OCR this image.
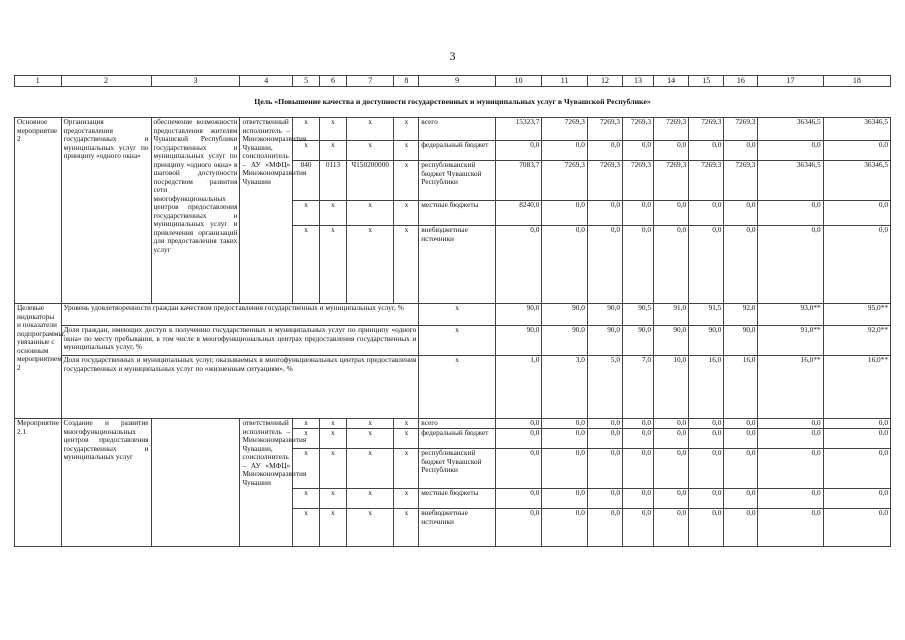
3
1	2	3	4	5	6	7	8	9	10	11	12	13	14	15	16	17	18
Цель «Повышение качества и доступности государственных и муниципальных услуг в Чувашской Республике»																	
Основное мероприятие 2	Организация предоставления государственных и муниципальных услуг по принципу «одного окна»	обеспечение возможности предоставления жителям Чувашской Республики государственных и муниципальных услуг по принципу «одного окна» в шаговой доступности посредством развития сети многофункциональных центров предоставления государственных и муниципальных услуг и привлечения организаций для предоставления таких услуг	ответственный исполнитель – Минэкономразвития Чувашии, соисполнитель – АУ «МФЦ» Минэкономразвития Чувашии	x	x	x	x	всего	15323,7	7269,3	7269,3	7269,3	7269,3	7269,3	7269,3	36346,5	36346,5
				x	x	x	x	федеральный бюджет	0,0	0,0	0,0	0,0	0,0	0,0	0,0	0,0	0,0
				840	0113	Ч150200000	x	республиканский бюджет Чувашской Республики	7083,7	7269,3	7269,3	7269,3	7269,3	7269,3	7269,3	36346,5	36346,5
				x	x	x	x	местные бюджеты	8240,0	0,0	0,0	0,0	0,0	0,0	0,0	0,0	0,0
				x	x	x	x	внебюджетные источники	0,0	0,0	0,0	0,0	0,0	0,0	0,0	0,0	0,0
Целевые индикаторы и показатели подпрограммы, увязанные с основным мероприятием 2	Уровень удовлетворенности граждан качеством предоставления государственных и муниципальных услуг, %							x	90,0	90,0	90,0	90,5	91,0	91,5	92,0	93,0**	95,0**
	Доля граждан, имеющих доступ к получению государственных и муниципальных услуг по принципу «одного окна» по месту пребывания, в том числе в многофункциональных центрах предоставления государственных и муниципальных услуг, %							x	90,0	90,0	90,0	90,0	90,0	90,0	90,0	91,0**	92,0**
	Доля государственных и муниципальных услуг, оказываемых в многофункциональных центрах предоставления государственных и муниципальных услуг по «жизненным ситуациям», %							x	1,0	3,0	5,0	7,0	10,0	16,0	16,0	16,0**	16,0**
Мероприятие 2.1	Создание и развитие многофункциональных центров предоставления государственных и муниципальных услуг		ответственный исполнитель – Минэкономразвития Чувашии, соисполнитель – АУ «МФЦ» Минэкономразвития Чувашии	x	x	x	x	всего	0,0	0,0	0,0	0,0	0,0	0,0	0,0	0,0	0,0
				x	x	x	x	федеральный бюджет	0,0	0,0	0,0	0,0	0,0	0,0	0,0	0,0	0,0
				x	x	x	x	республиканский бюджет Чувашской Республики	0,0	0,0	0,0	0,0	0,0	0,0	0,0	0,0	0,0
				x	x	x	x	местные бюджеты	0,0	0,0	0,0	0,0	0,0	0,0	0,0	0,0	0,0
				x	x	x	x	внебюджетные источники	0,0	0,0	0,0	0,0	0,0	0,0	0,0	0,0	0,0
